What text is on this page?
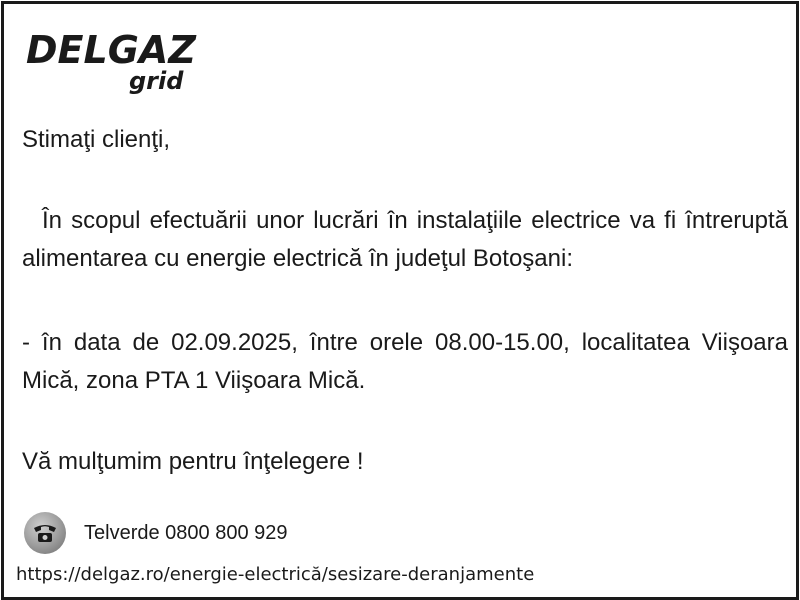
DELGAZ
grid
Stimaţi clienţi,
În scopul efectuării unor lucrări în instalaţiile electrice va fi întreruptă alimentarea cu energie electrică în judeţul Botoşani:
- în data de 02.09.2025, între orele 08.00-15.00, localitatea Viişoara Mică, zona PTA 1 Viişoara Mică.
Vă mulţumim pentru înţelegere !
Telverde 0800 800 929
https://delgaz.ro/energie-electrică/sesizare-deranjamente
